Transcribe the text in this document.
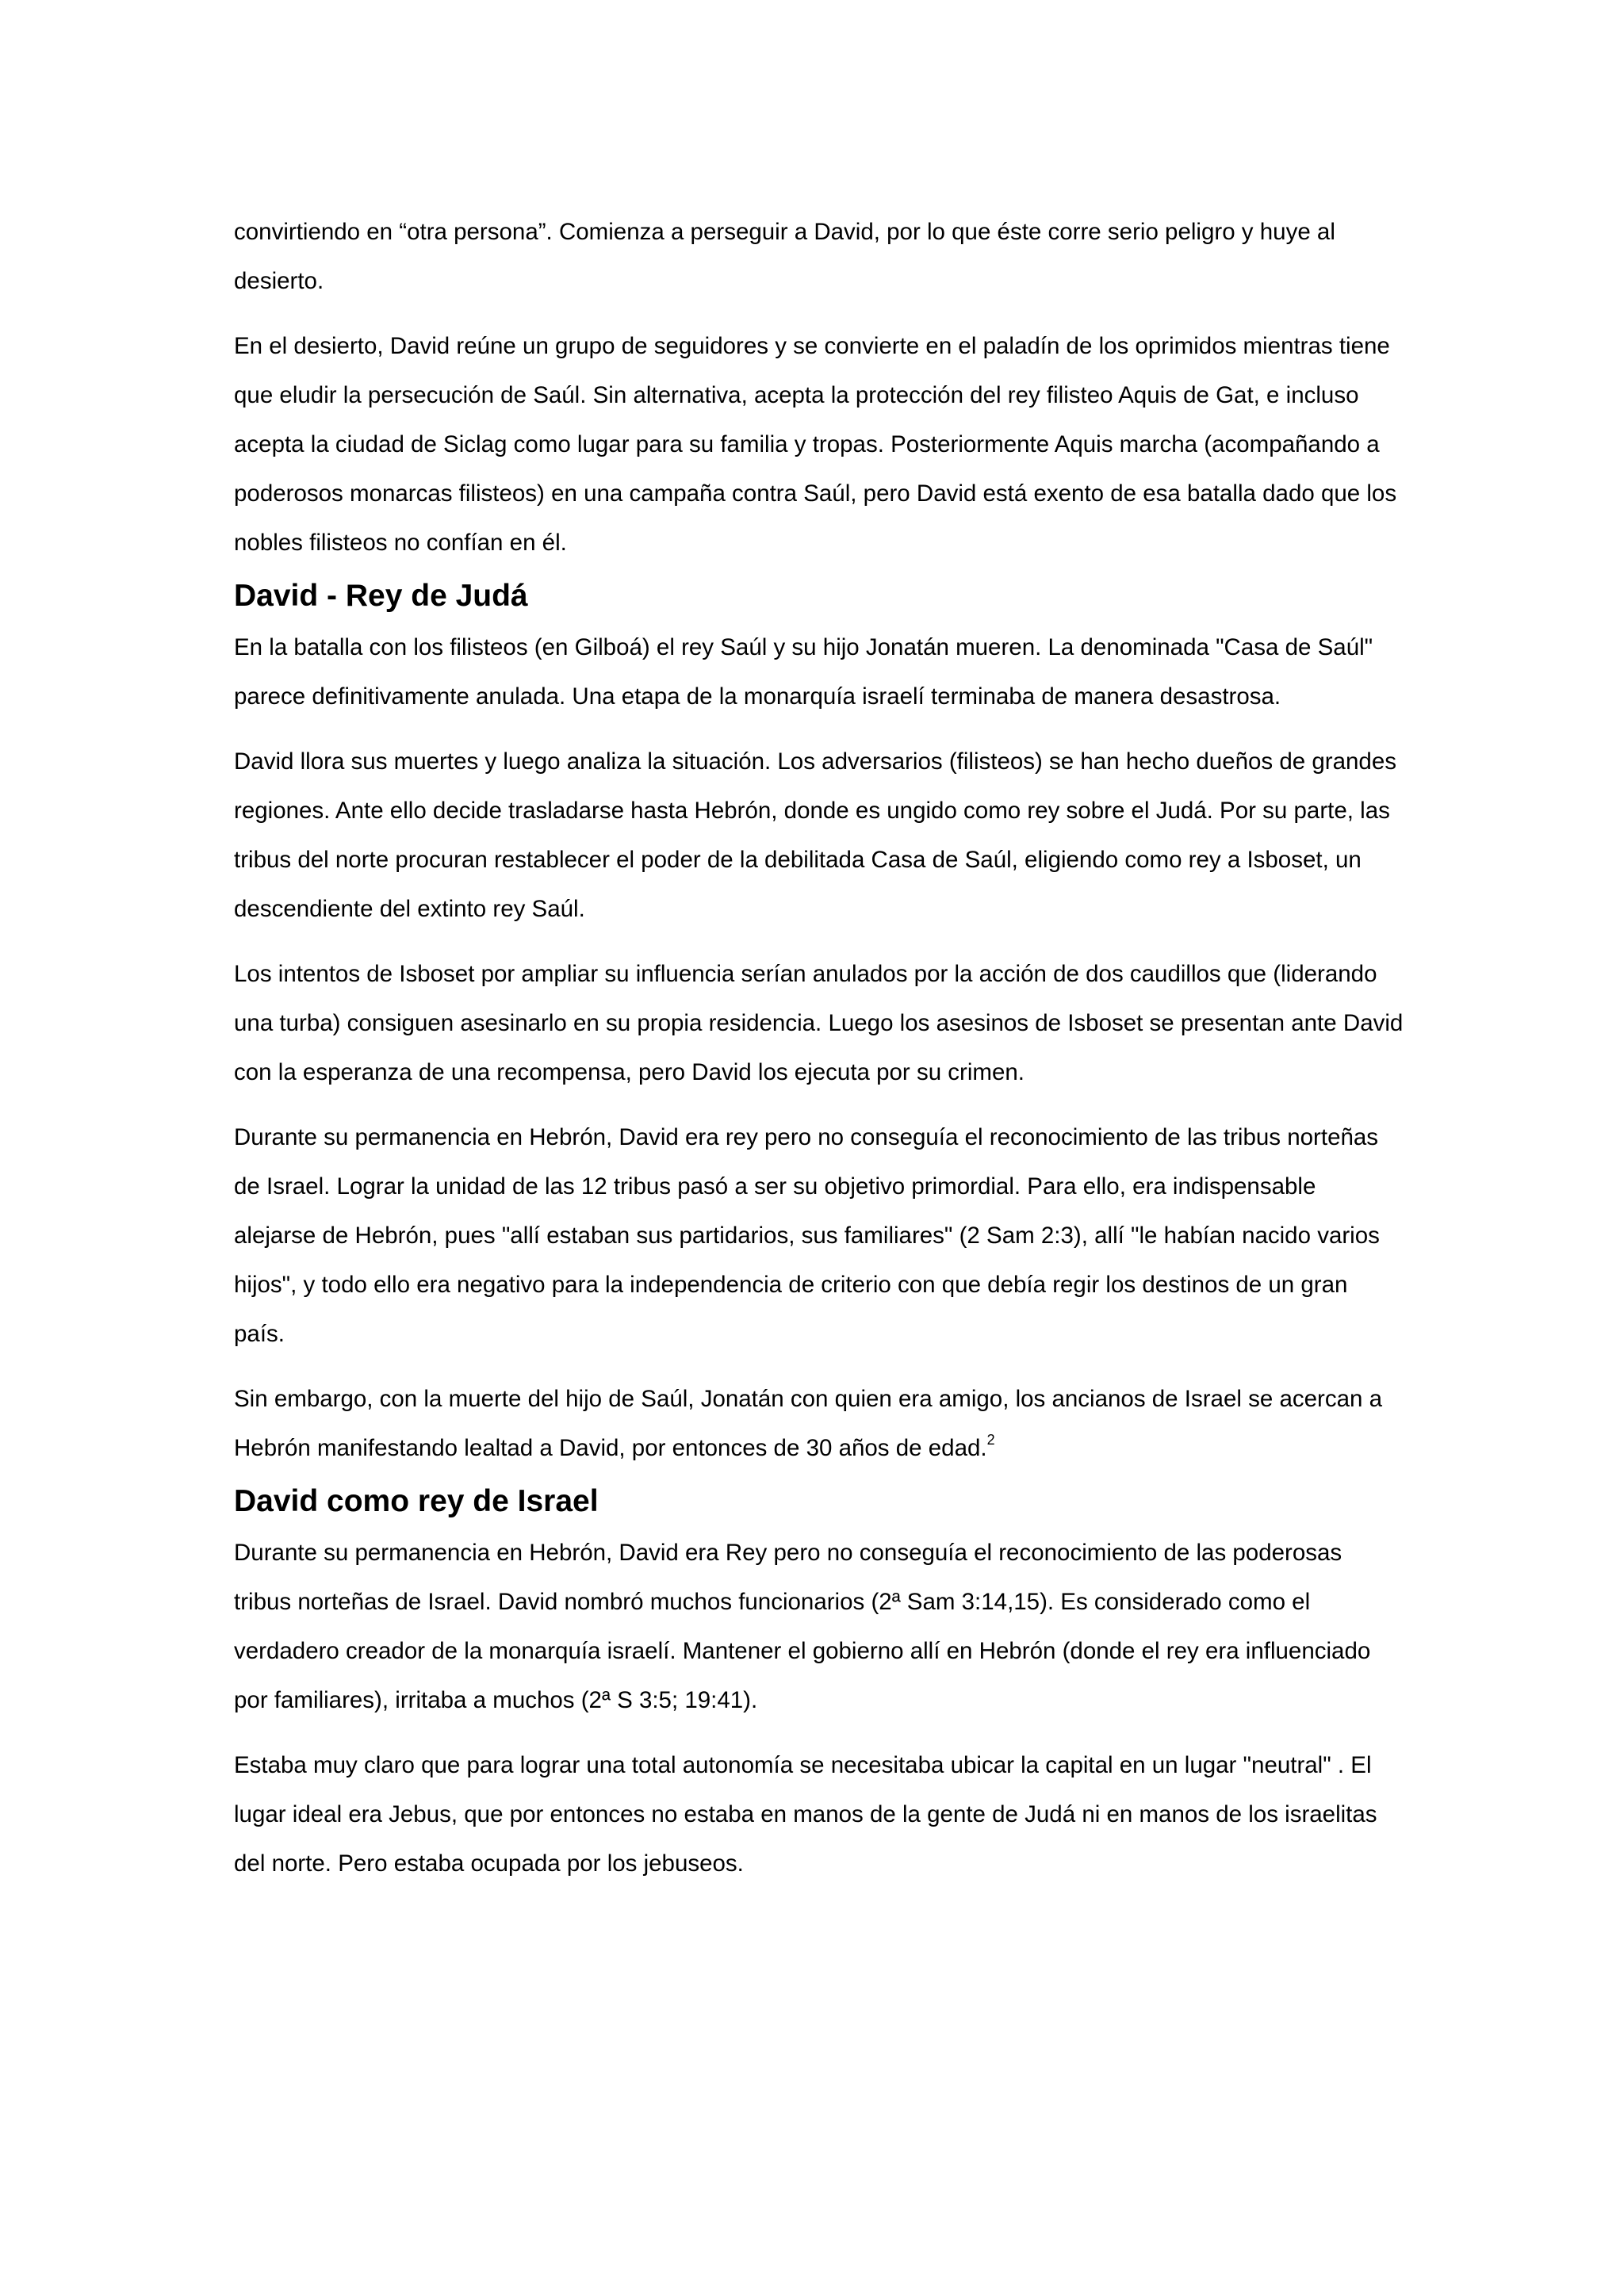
convirtiendo en “otra persona”. Comienza a perseguir a David, por lo que éste corre serio peligro y huye al desierto.

En el desierto, David reúne un grupo de seguidores y se convierte en el paladín de los oprimidos mientras tiene que eludir la persecución de Saúl. Sin alternativa, acepta la protección del rey filisteo Aquis de Gat, e incluso acepta la ciudad de Siclag como lugar para su familia y tropas. Posteriormente Aquis marcha (acompañando a poderosos monarcas filisteos) en una campaña contra Saúl, pero David está exento de esa batalla dado que los nobles filisteos no confían en él.

David - Rey de Judá

En la batalla con los filisteos (en Gilboá) el rey Saúl y su hijo Jonatán mueren. La denominada "Casa de Saúl" parece definitivamente anulada. Una etapa de la monarquía israelí terminaba de manera desastrosa.

David llora sus muertes y luego analiza la situación. Los adversarios (filisteos) se han hecho dueños de grandes regiones. Ante ello decide trasladarse hasta Hebrón, donde es ungido como rey sobre el Judá. Por su parte, las tribus del norte procuran restablecer el poder de la debilitada Casa de Saúl, eligiendo como rey a Isboset, un descendiente del extinto rey Saúl.

Los intentos de Isboset por ampliar su influencia serían anulados por la acción de dos caudillos que (liderando una turba) consiguen asesinarlo en su propia residencia. Luego los asesinos de Isboset se presentan ante David con la esperanza de una recompensa, pero David los ejecuta por su crimen.

Durante su permanencia en Hebrón, David era rey pero no conseguía el reconocimiento de las tribus norteñas de Israel. Lograr la unidad de las 12 tribus pasó a ser su objetivo primordial. Para ello, era indispensable alejarse de Hebrón, pues "allí estaban sus partidarios, sus familiares" (2 Sam 2:3), allí "le habían nacido varios hijos", y todo ello era negativo para la independencia de criterio con que debía regir los destinos de un gran país.

Sin embargo, con la muerte del hijo de Saúl, Jonatán con quien era amigo, los ancianos de Israel se acercan a Hebrón manifestando lealtad a David, por entonces de 30 años de edad.$^2$

David como rey de Israel

Durante su permanencia en Hebrón, David era Rey pero no conseguía el reconocimiento de las poderosas tribus norteñas de Israel. David nombró muchos funcionarios (2ª Sam 3:14,15). Es considerado como el verdadero creador de la monarquía israelí. Mantener el gobierno allí en Hebrón (donde el rey era influenciado por familiares), irritaba a muchos (2ª S 3:5; 19:41).

Estaba muy claro que para lograr una total autonomía se necesitaba ubicar la capital en un lugar "neutral" . El lugar ideal era Jebus, que por entonces no estaba en manos de la gente de Judá ni en manos de los israelitas del norte. Pero estaba ocupada por los jebuseos.
